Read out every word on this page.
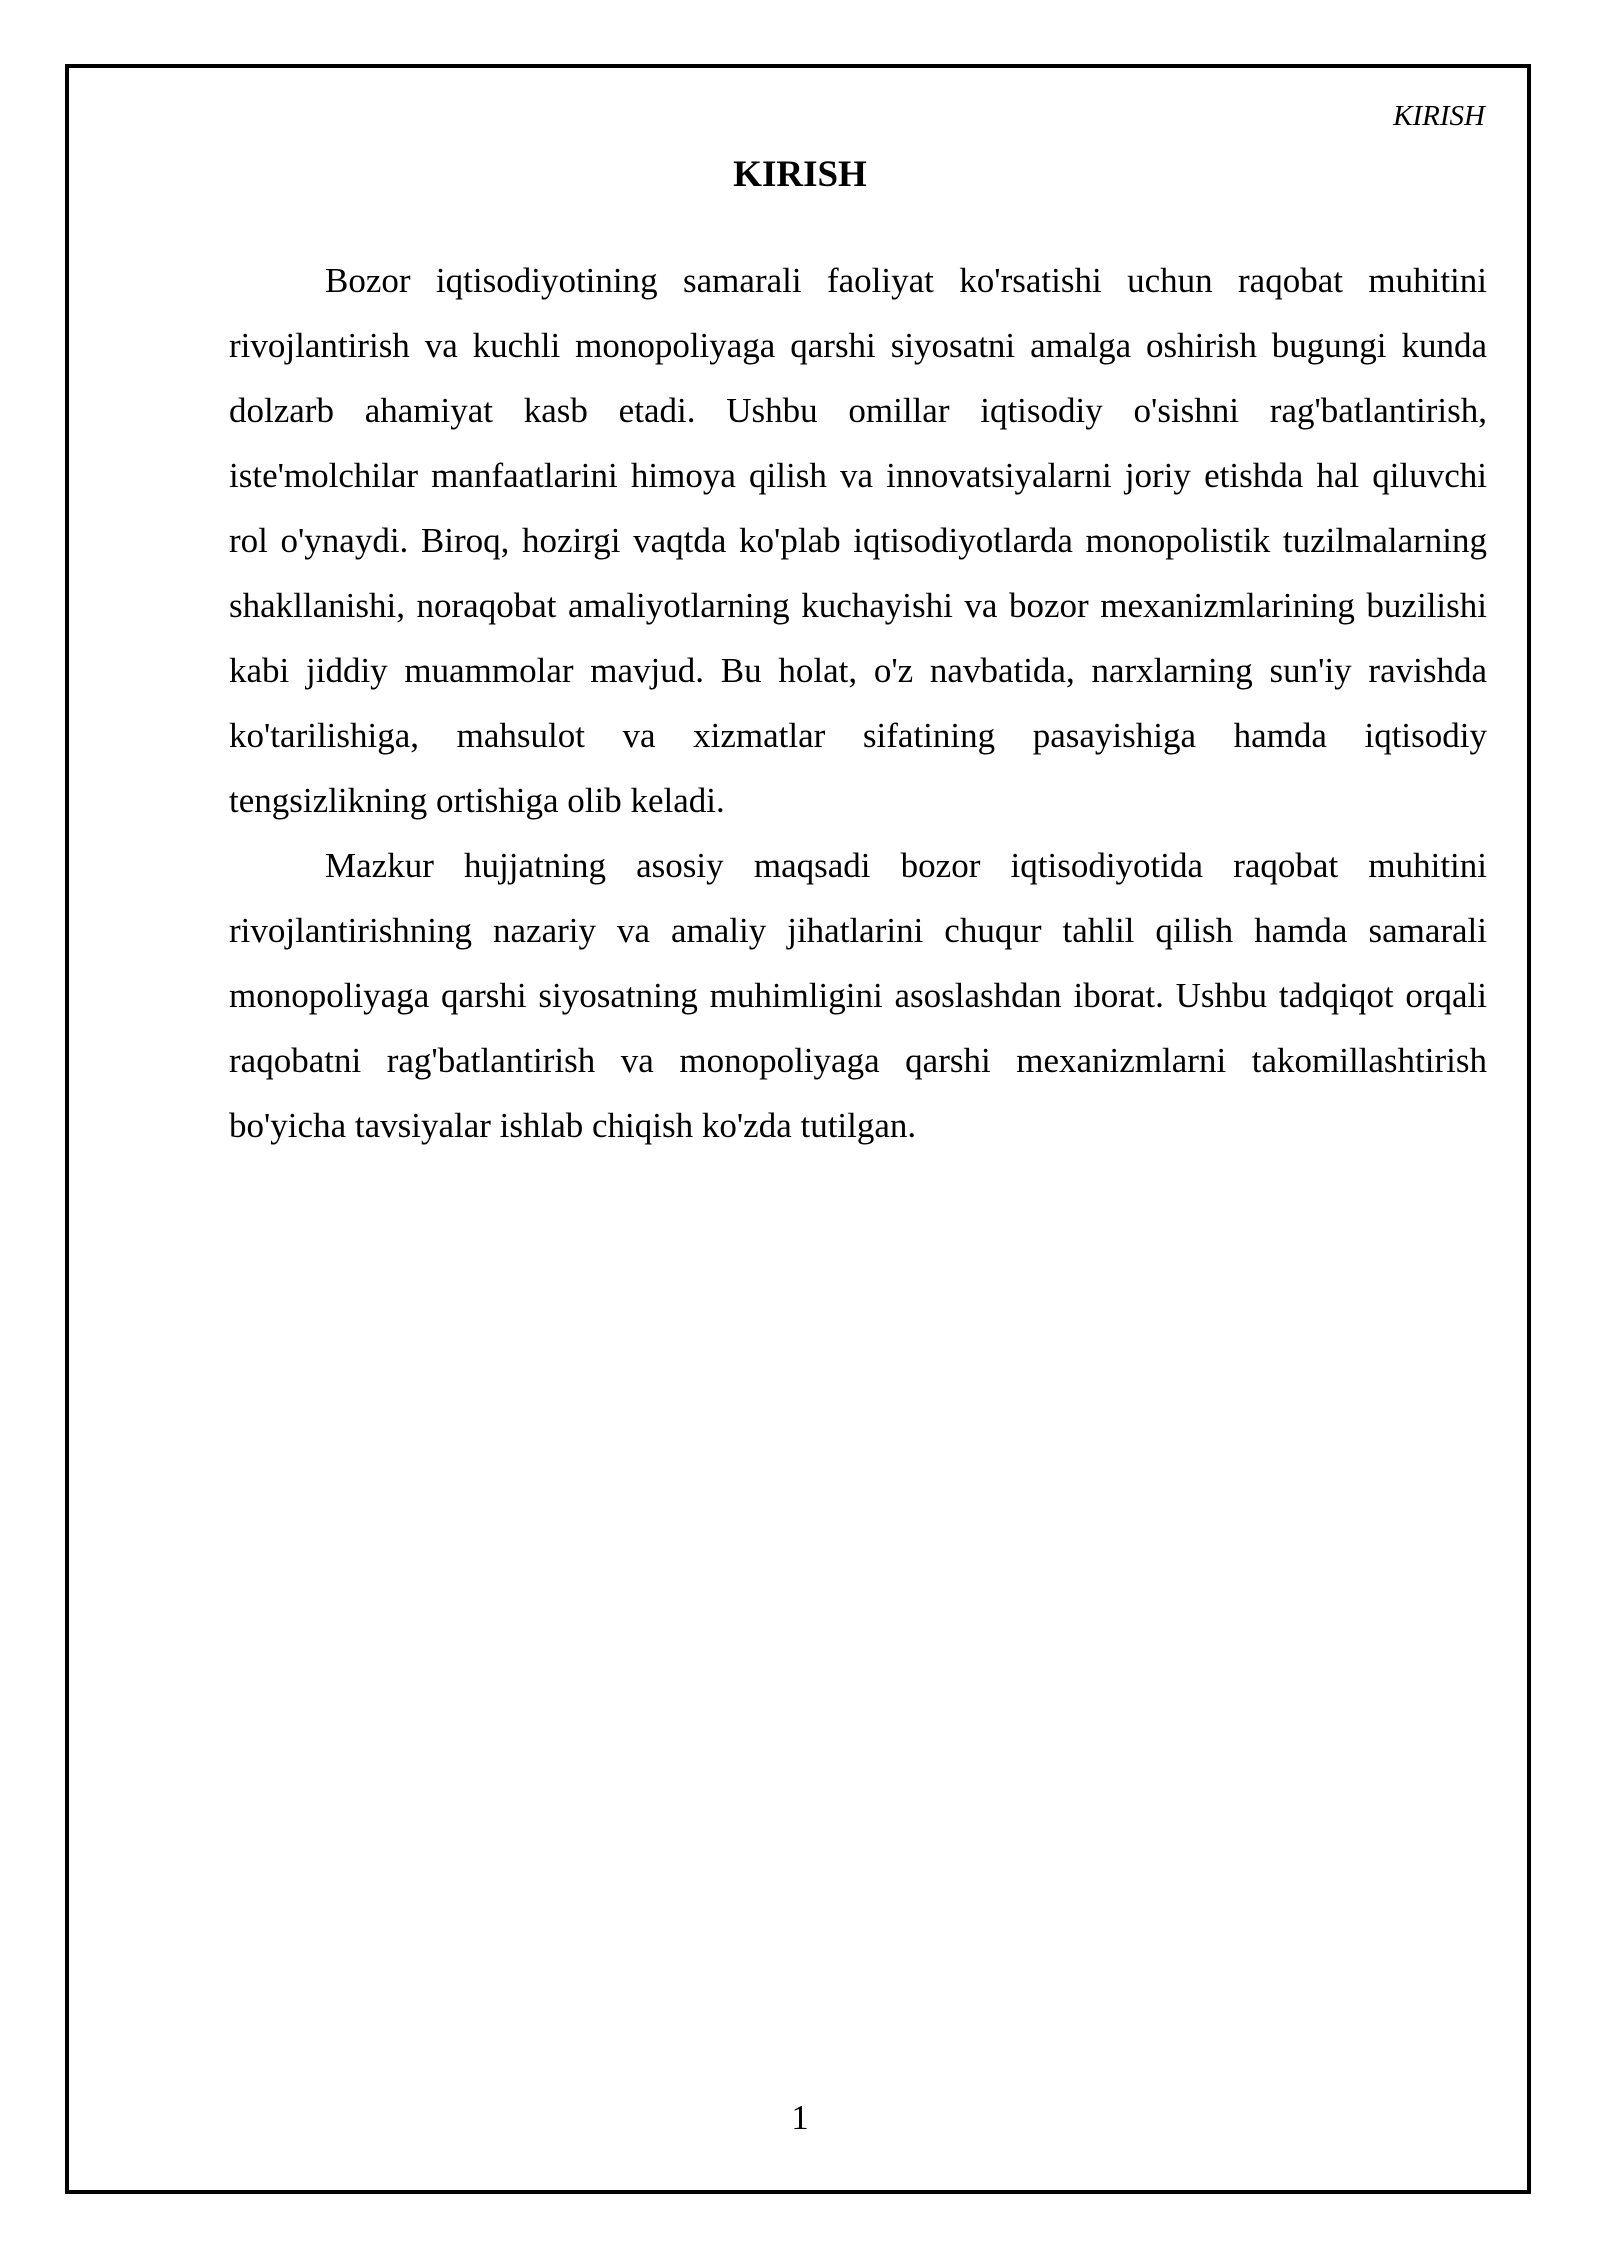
KIRISH
KIRISH

Bozor iqtisodiyotining samarali faoliyat ko'rsatishi uchun raqobat muhitini rivojlantirish va kuchli monopoliyaga qarshi siyosatni amalga oshirish bugungi kunda dolzarb ahamiyat kasb etadi. Ushbu omillar iqtisodiy o'sishni rag'batlantirish, iste'molchilar manfaatlarini himoya qilish va innovatsiyalarni joriy etishda hal qiluvchi rol o'ynaydi. Biroq, hozirgi vaqtda ko'plab iqtisodiyotlarda monopolistik tuzilmalarning shakllanishi, noraqobat amaliyotlarning kuchayishi va bozor mexanizmlarining buzilishi kabi jiddiy muammolar mavjud. Bu holat, o'z navbatida, narxlarning sun'iy ravishda ko'tarilishiga, mahsulot va xizmatlar sifatining pasayishiga hamda iqtisodiy tengsizlikning ortishiga olib keladi.

Mazkur hujjatning asosiy maqsadi bozor iqtisodiyotida raqobat muhitini rivojlantirishning nazariy va amaliy jihatlarini chuqur tahlil qilish hamda samarali monopoliyaga qarshi siyosatning muhimligini asoslashdan iborat. Ushbu tadqiqot orqali raqobatni rag'batlantirish va monopoliyaga qarshi mexanizmlarni takomillashtirish bo'yicha tavsiyalar ishlab chiqish ko'zda tutilgan.

1
